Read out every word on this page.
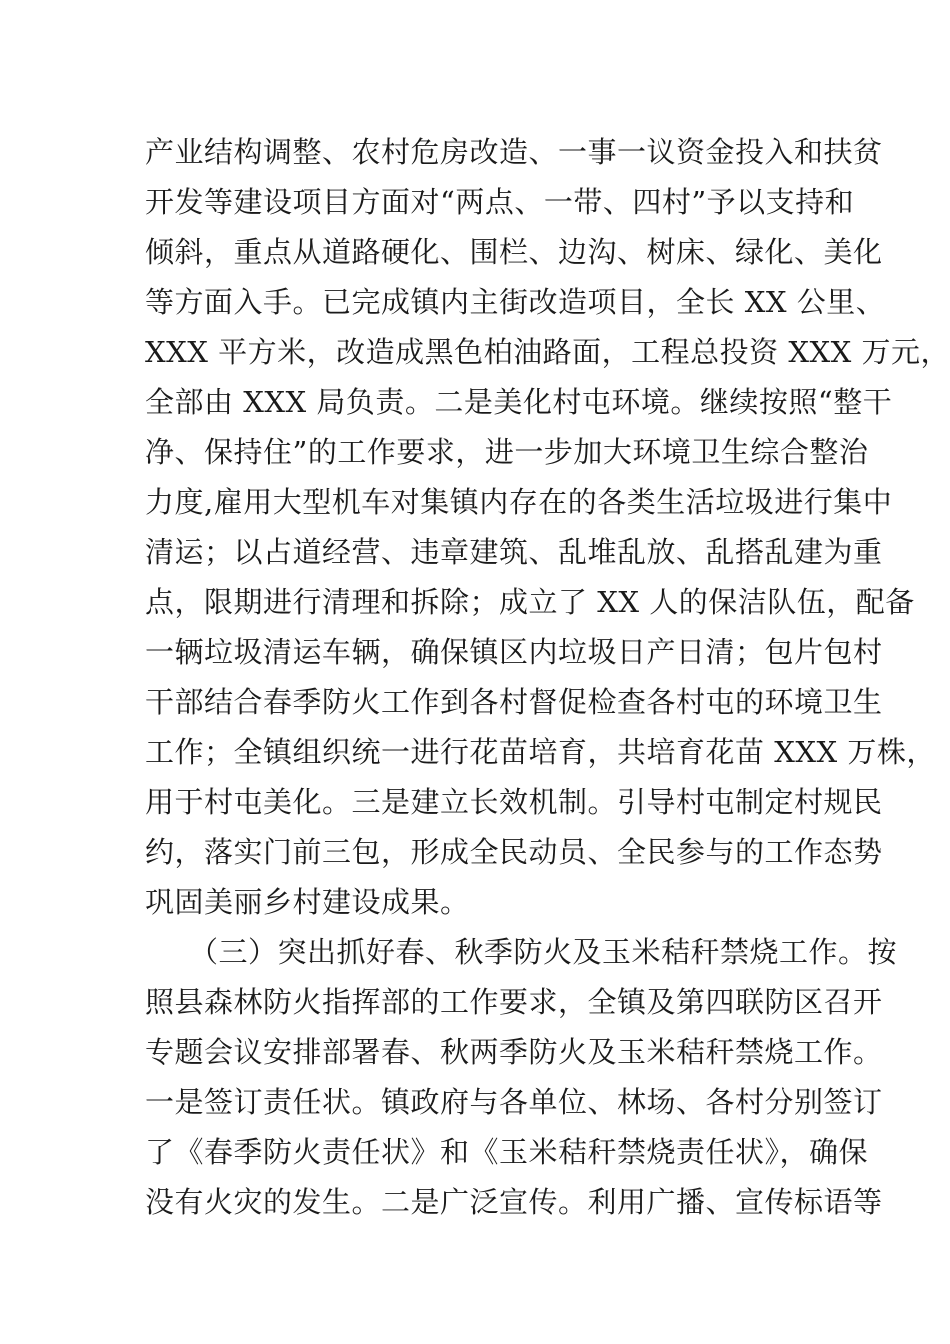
产业结构调整、农村危房改造、一事一议资金投入和扶贫
开发等建设项目方面对“两点、一带、四村”予以支持和
倾斜，重点从道路硬化、围栏、边沟、树床、绿化、美化
等方面入手。已完成镇内主街改造项目，全长 XX 公里、
XXX 平方米，改造成黑色柏油路面，工程总投资 XXX 万元，
全部由 XXX 局负责。二是美化村屯环境。继续按照“整干
净、保持住”的工作要求，进一步加大环境卫生综合整治
力度,雇用大型机车对集镇内存在的各类生活垃圾进行集中
清运；以占道经营、违章建筑、乱堆乱放、乱搭乱建为重
点，限期进行清理和拆除；成立了 XX 人的保洁队伍，配备
一辆垃圾清运车辆，确保镇区内垃圾日产日清；包片包村
干部结合春季防火工作到各村督促检查各村屯的环境卫生
工作；全镇组织统一进行花苗培育，共培育花苗 XXX 万株，
用于村屯美化。三是建立长效机制。引导村屯制定村规民
约，落实门前三包，形成全民动员、全民参与的工作态势
巩固美丽乡村建设成果。
（三）突出抓好春、秋季防火及玉米秸秆禁烧工作。按
照县森林防火指挥部的工作要求，全镇及第四联防区召开
专题会议安排部署春、秋两季防火及玉米秸秆禁烧工作。
一是签订责任状。镇政府与各单位、林场、各村分别签订
了《春季防火责任状》和《玉米秸秆禁烧责任状》，确保
没有火灾的发生。二是广泛宣传。利用广播、宣传标语等
